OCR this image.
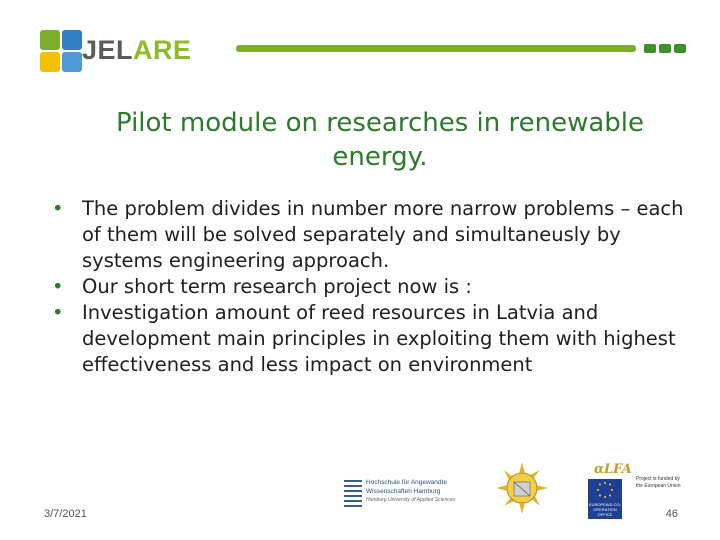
JELARE
Pilot module on researches in renewable energy.
• The problem divides in number more narrow problems – each of them will be solved separately and simultaneusly by systems engineering approach.
• Our short term research project now is :
• Investigation amount of reed resources in Latvia and development main principles in exploiting them with highest effectiveness and less impact on environment
Hochschule für Angewandte
Wissenschaften Hamburg
Hamburg University of Applied Sciences
αLFA
EUROPEAID CO-OPERATION OFFICE
Project is funded by the European Union
3/7/2021	46
